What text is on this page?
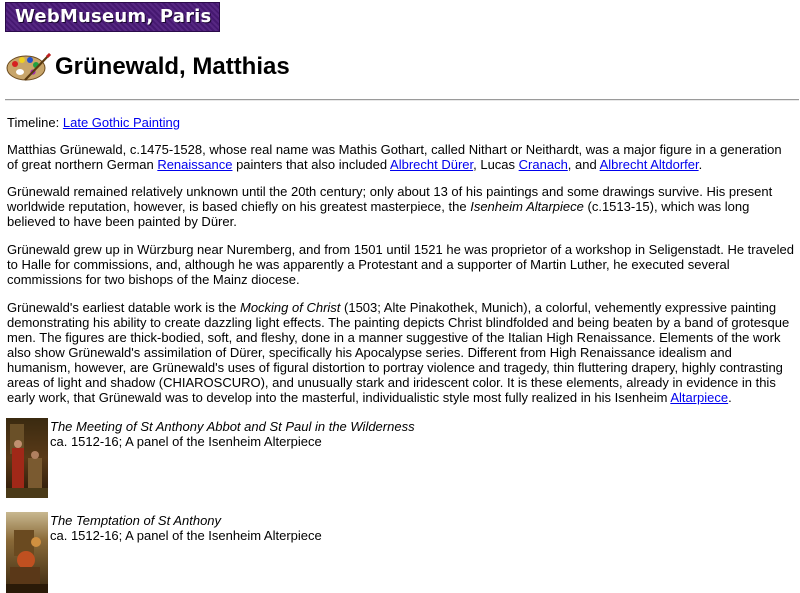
WebMuseum, Paris
Grünewald, Matthias

Timeline: Late Gothic Painting

Matthias Grünewald, c.1475-1528, whose real name was Mathis Gothart, called Nithart or Neithardt, was a major figure in a generation of great northern German Renaissance painters that also included Albrecht Dürer, Lucas Cranach, and Albrecht Altdorfer.

Grünewald remained relatively unknown until the 20th century; only about 13 of his paintings and some drawings survive. His present worldwide reputation, however, is based chiefly on his greatest masterpiece, the Isenheim Altarpiece (c.1513-15), which was long believed to have been painted by Dürer.

Grünewald grew up in Würzburg near Nuremberg, and from 1501 until 1521 he was proprietor of a workshop in Seligenstadt. He traveled to Halle for commissions, and, although he was apparently a Protestant and a supporter of Martin Luther, he executed several commissions for two bishops of the Mainz diocese.

Grünewald's earliest datable work is the Mocking of Christ (1503; Alte Pinakothek, Munich), a colorful, vehemently expressive painting demonstrating his ability to create dazzling light effects. The painting depicts Christ blindfolded and being beaten by a band of grotesque men. The figures are thick-bodied, soft, and fleshy, done in a manner suggestive of the Italian High Renaissance. Elements of the work also show Grünewald's assimilation of Dürer, specifically his Apocalypse series. Different from High Renaissance idealism and humanism, however, are Grünewald's uses of figural distortion to portray violence and tragedy, thin fluttering drapery, highly contrasting areas of light and shadow (CHIAROSCURO), and unusually stark and iridescent color. It is these elements, already in evidence in this early work, that Grünewald was to develop into the masterful, individualistic style most fully realized in his Isenheim Altarpiece.

The Meeting of St Anthony Abbot and St Paul in the Wilderness
ca. 1512-16; A panel of the Isenheim Alterpiece
The Temptation of St Anthony
ca. 1512-16; A panel of the Isenheim Alterpiece
